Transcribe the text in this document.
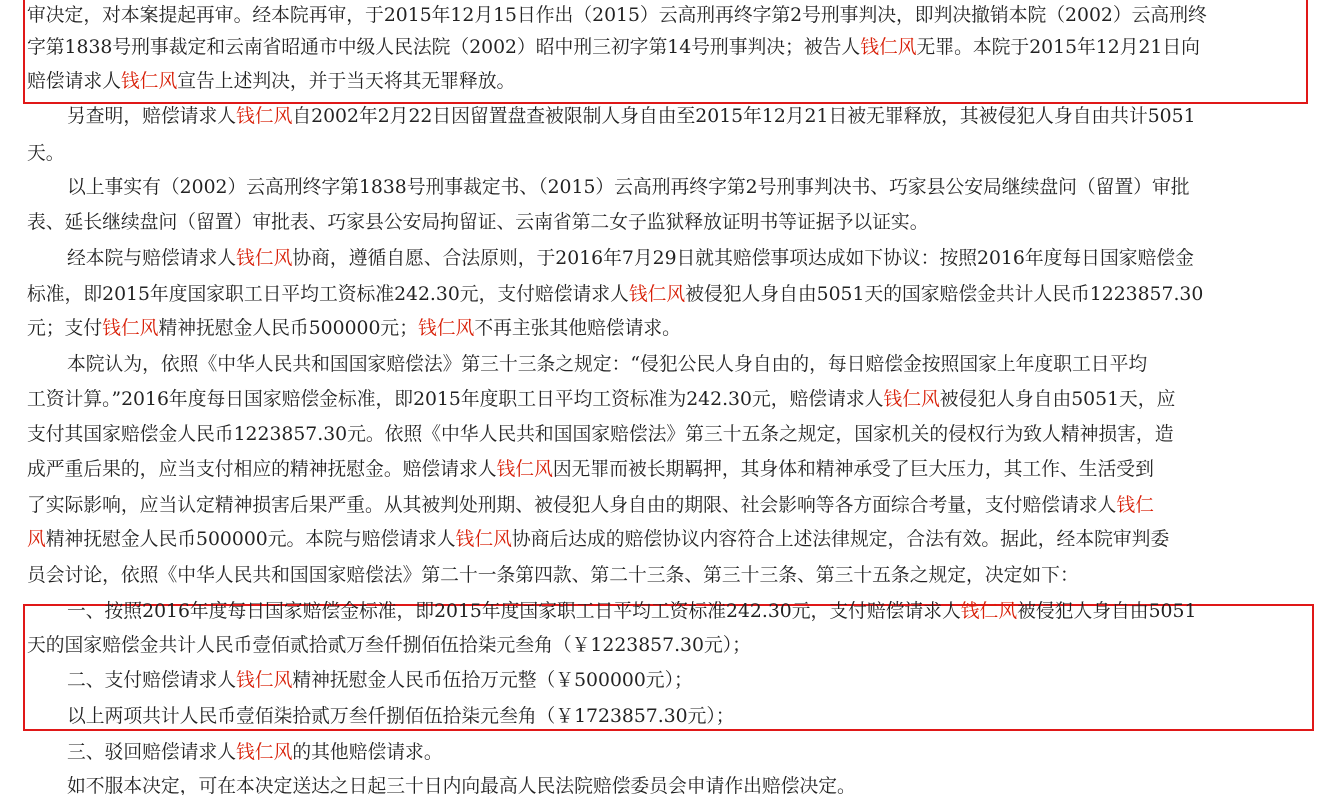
审决定，对本案提起再审。经本院再审，于2015年12月15日作出（2015）云高刑再终字第2号刑事判决，即判决撤销本院（2002）云高刑终
字第1838号刑事裁定和云南省昭通市中级人民法院（2002）昭中刑三初字第14号刑事判决；被告人钱仁风无罪。本院于2015年12月21日向
赔偿请求人钱仁风宣告上述判决，并于当天将其无罪释放。
另查明，赔偿请求人钱仁风自2002年2月22日因留置盘查被限制人身自由至2015年12月21日被无罪释放，其被侵犯人身自由共计5051
天。
以上事实有（2002）云高刑终字第1838号刑事裁定书、（2015）云高刑再终字第2号刑事判决书、巧家县公安局继续盘问（留置）审批
表、延长继续盘问（留置）审批表、巧家县公安局拘留证、云南省第二女子监狱释放证明书等证据予以证实。
经本院与赔偿请求人钱仁风协商，遵循自愿、合法原则，于2016年7月29日就其赔偿事项达成如下协议：按照2016年度每日国家赔偿金
标准，即2015年度国家职工日平均工资标准242.30元，支付赔偿请求人钱仁风被侵犯人身自由5051天的国家赔偿金共计人民币1223857.30
元；支付钱仁风精神抚慰金人民币500000元；钱仁风不再主张其他赔偿请求。
本院认为，依照《中华人民共和国国家赔偿法》第三十三条之规定：“侵犯公民人身自由的，每日赔偿金按照国家上年度职工日平均
工资计算。”2016年度每日国家赔偿金标准，即2015年度职工日平均工资标准为242.30元，赔偿请求人钱仁风被侵犯人身自由5051天，应
支付其国家赔偿金人民币1223857.30元。依照《中华人民共和国国家赔偿法》第三十五条之规定，国家机关的侵权行为致人精神损害，造
成严重后果的，应当支付相应的精神抚慰金。赔偿请求人钱仁风因无罪而被长期羁押，其身体和精神承受了巨大压力，其工作、生活受到
了实际影响，应当认定精神损害后果严重。从其被判处刑期、被侵犯人身自由的期限、社会影响等各方面综合考量，支付赔偿请求人钱仁
风精神抚慰金人民币500000元。本院与赔偿请求人钱仁风协商后达成的赔偿协议内容符合上述法律规定，合法有效。据此，经本院审判委
员会讨论，依照《中华人民共和国国家赔偿法》第二十一条第四款、第二十三条、第三十三条、第三十五条之规定，决定如下：
一、按照2016年度每日国家赔偿金标准，即2015年度国家职工日平均工资标准242.30元，支付赔偿请求人钱仁风被侵犯人身自由5051
天的国家赔偿金共计人民币壹佰贰拾贰万叁仟捌佰伍拾柒元叁角（￥1223857.30元）；
二、支付赔偿请求人钱仁风精神抚慰金人民币伍拾万元整（￥500000元）；
以上两项共计人民币壹佰柒拾贰万叁仟捌佰伍拾柒元叁角（￥1723857.30元）；
三、驳回赔偿请求人钱仁风的其他赔偿请求。
如不服本决定，可在本决定送达之日起三十日内向最高人民法院赔偿委员会申请作出赔偿决定。
